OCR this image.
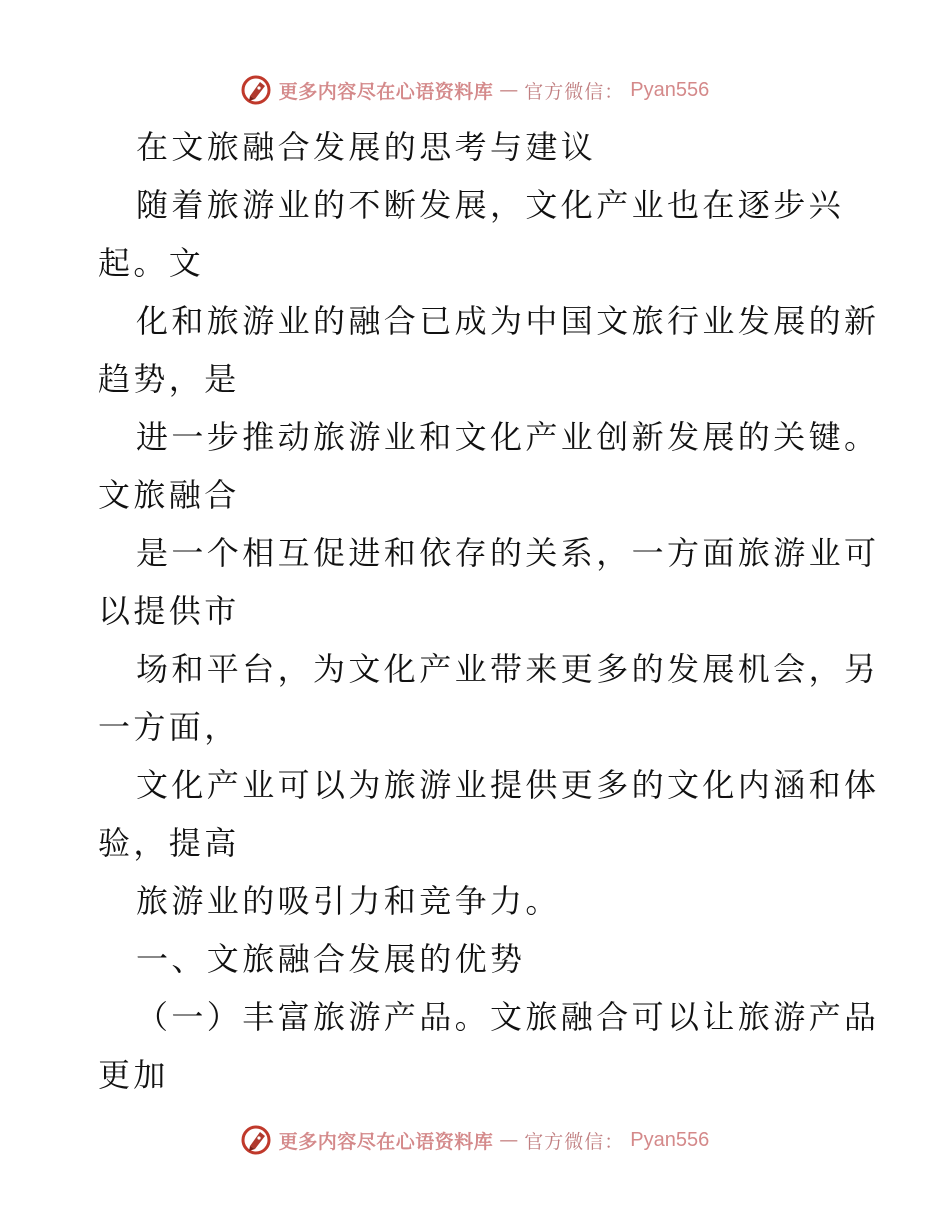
更多内容尽在心语资料库 — 官方微信： Pyan556
在文旅融合发展的思考与建议
随着旅游业的不断发展，文化产业也在逐步兴
起。文
化和旅游业的融合已成为中国文旅行业发展的新
趋势，是
进一步推动旅游业和文化产业创新发展的关键。
文旅融合
是一个相互促进和依存的关系，一方面旅游业可
以提供市
场和平台，为文化产业带来更多的发展机会，另
一方面，
文化产业可以为旅游业提供更多的文化内涵和体
验，提高
旅游业的吸引力和竞争力。
一、文旅融合发展的优势
（一）丰富旅游产品。文旅融合可以让旅游产品
更加
更多内容尽在心语资料库 — 官方微信： Pyan556
